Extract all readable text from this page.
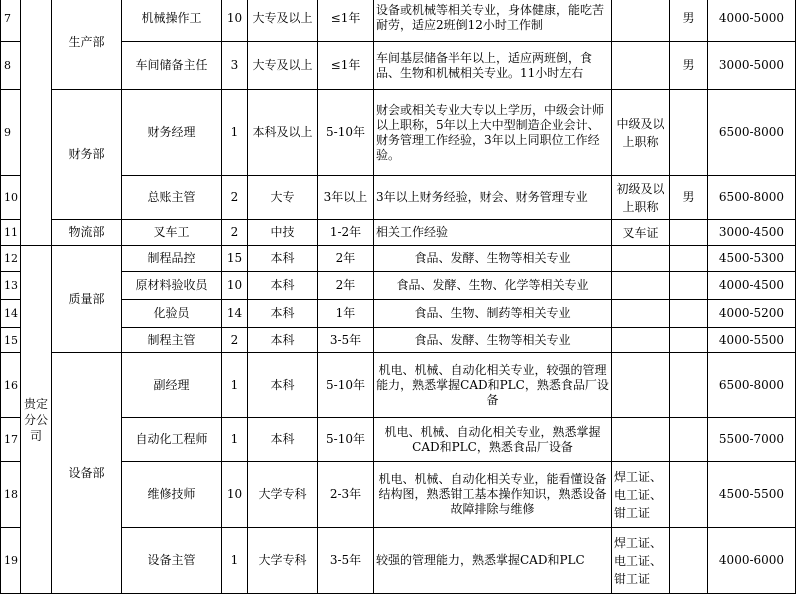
7		生产部	机械操作工	10	大专及以上	≤1年	设备或机械等相关专业，身体健康，能吃苦耐劳，适应2班倒12小时工作制		男	4000-5000
8			车间储备主任	3	大专及以上	≤1年	车间基层储备半年以上，适应两班倒，食品、生物和机械相关专业。11小时左右		男	3000-5000
9		财务部	财务经理	1	本科及以上	5-10年	财会或相关专业大专以上学历，中级会计师以上职称，5年以上大中型制造企业会计、财务管理工作经验，3年以上同职位工作经验。	中级及以上职称		6500-8000
10			总账主管	2	大专	3年以上	3年以上财务经验，财会、财务管理专业	初级及以上职称	男	6500-8000
11		物流部	叉车工	2	中技	1-2年	相关工作经验	叉车证		3000-4500
12	贵定分公司	质量部	制程品控	15	本科	2年	食品、发酵、生物等相关专业			4500-5300
13			原材料验收员	10	本科	2年	食品、发酵、生物、化学等相关专业			4000-4500
14			化验员	14	本科	1年	食品、生物、制药等相关专业			4000-5200
15			制程主管	2	本科	3-5年	食品、发酵、生物等相关专业			4000-5500
16		设备部	副经理	1	本科	5-10年	机电、机械、自动化相关专业，较强的管理能力，熟悉掌握CAD和PLC，熟悉食品厂设备			6500-8000
17			自动化工程师	1	本科	5-10年	机电、机械、自动化相关专业，熟悉掌握CAD和PLC，熟悉食品厂设备			5500-7000
18			维修技师	10	大学专科	2-3年	机电、机械、自动化相关专业，能看懂设备结构图，熟悉钳工基本操作知识，熟悉设备故障排除与维修	焊工证、电工证、钳工证		4500-5500
19			设备主管	1	大学专科	3-5年	较强的管理能力，熟悉掌握CAD和PLC	焊工证、电工证、钳工证		4000-6000
